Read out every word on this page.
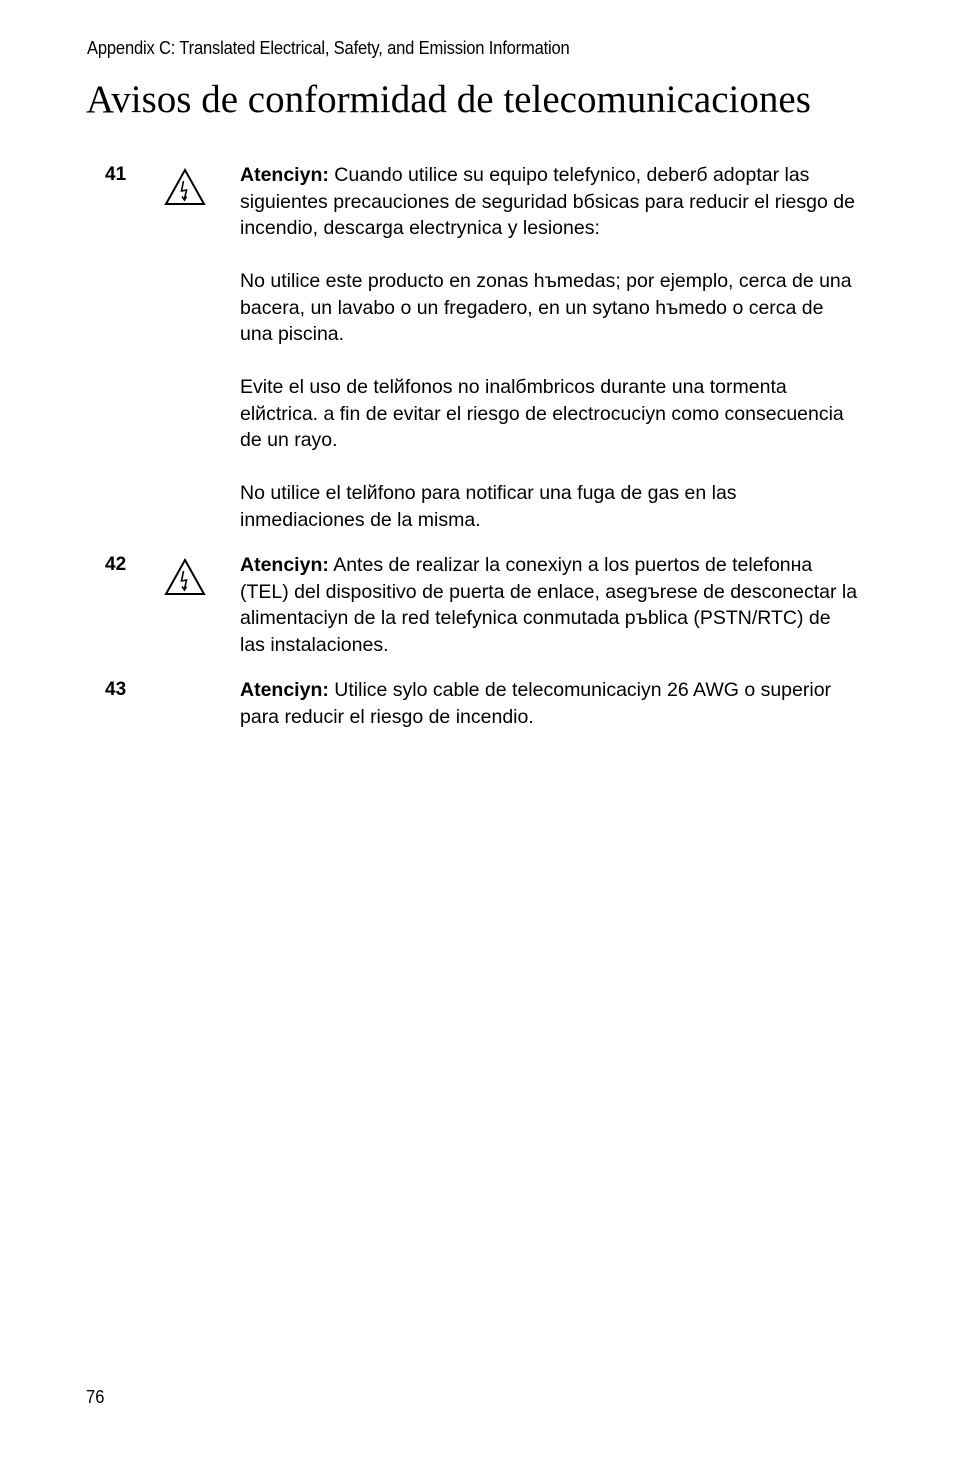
Appendix C: Translated Electrical, Safety, and Emission Information
Avisos de conformidad de telecomunicaciones
41	Atenciyn: Cuando utilice su equipo telefynico, deberб adoptar las siguientes precauciones de seguridad bбsicas para reducir el riesgo de incendio, descarga electrynica y lesiones:

No utilice este producto en zonas hъmedas; por ejemplo, cerca de una bacera, un lavabo o un fregadero, en un sytano hъmedo o cerca de una piscina.

Evite el uso de telйfonos no inalбmbricos durante una tormenta elйctrica. a fin de evitar el riesgo de electrocuciyn como consecuencia de un rayo.

No utilice el telйfono para notificar una fuga de gas en las inmediaciones de la misma.

42	Atenciyn: Antes de realizar la conexiyn a los puertos de telefonнa (TEL) del dispositivo de puerta de enlace, asegъrese de desconectar la alimentaciyn de la red telefynica conmutada pъblica (PSTN/RTC) de las instalaciones.

43	Atenciyn: Utilice sylo cable de telecomunicaciyn 26 AWG o superior para reducir el riesgo de incendio.

76
